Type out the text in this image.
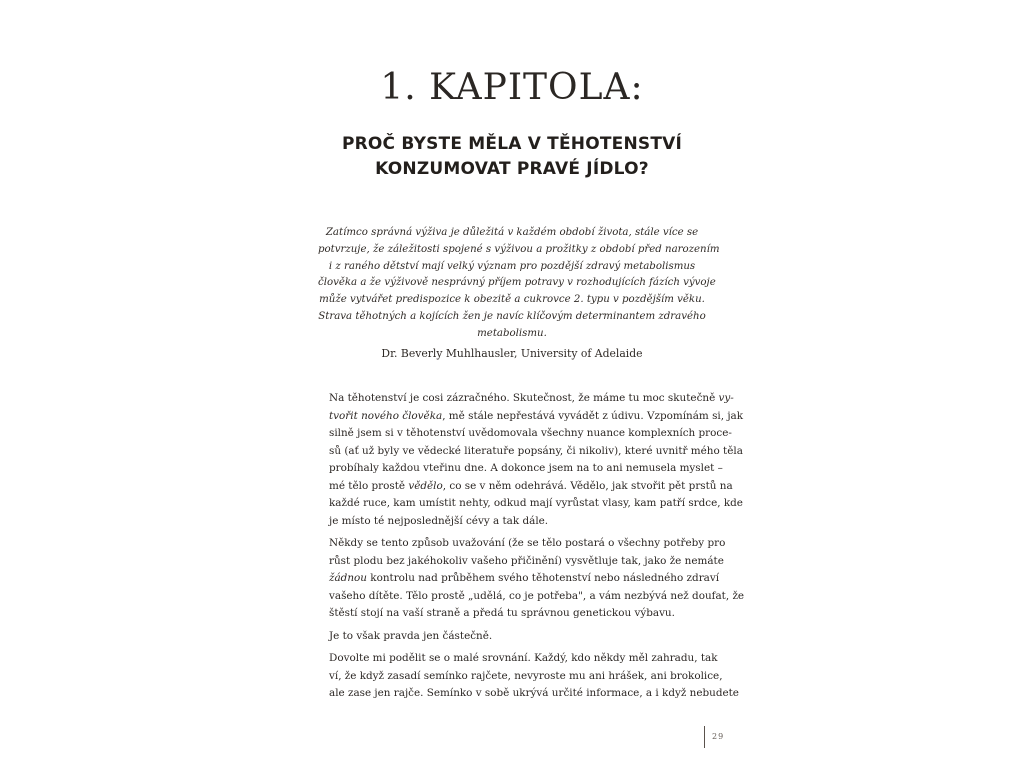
1. KAPITOLA:
PROČ BYSTE MĚLA V TĚHOTENSTVÍ
KONZUMOVAT PRAVÉ JÍDLO?
Zatímco správná výživa je důležitá v každém období života, stále více se
potvrzuje, že záležitosti spojené s výživou a prožitky z období před narozením
i z raného dětství mají velký význam pro pozdější zdravý metabolismus
člověka a že výživově nesprávný příjem potravy v rozhodujících fázích vývoje
může vytvářet predispozice k obezitě a cukrovce 2. typu v pozdějším věku.
Strava těhotných a kojících žen je navíc klíčovým determinantem zdravého
metabolismu.
Dr. Beverly Muhlhausler, University of Adelaide

Na těhotenství je cosi zázračného. Skutečnost, že máme tu moc skutečně vy-
tvořit nového člověka, mě stále nepřestává vyvádět z údivu. Vzpomínám si, jak
silně jsem si v těhotenství uvědomovala všechny nuance komplexních proce-
sů (ať už byly ve vědecké literatuře popsány, či nikoliv), které uvnitř mého těla
probíhaly každou vteřinu dne. A dokonce jsem na to ani nemusela myslet –
mé tělo prostě vědělo, co se v něm odehrává. Vědělo, jak stvořit pět prstů na
každé ruce, kam umístit nehty, odkud mají vyrůstat vlasy, kam patří srdce, kde
je místo té nejposlednější cévy a tak dále.

Někdy se tento způsob uvažování (že se tělo postará o všechny potřeby pro
růst plodu bez jakéhokoliv vašeho přičinění) vysvětluje tak, jako že nemáte
žádnou kontrolu nad průběhem svého těhotenství nebo následného zdraví
vašeho dítěte. Tělo prostě „udělá, co je potřeba", a vám nezbývá než doufat, že
štěstí stojí na vaší straně a předá tu správnou genetickou výbavu.

Je to však pravda jen částečně.

Dovolte mi podělit se o malé srovnání. Každý, kdo někdy měl zahradu, tak
ví, že když zasadí semínko rajčete, nevyroste mu ani hrášek, ani brokolice,
ale zase jen rajče. Semínko v sobě ukrývá určité informace, a i když nebudete

29
